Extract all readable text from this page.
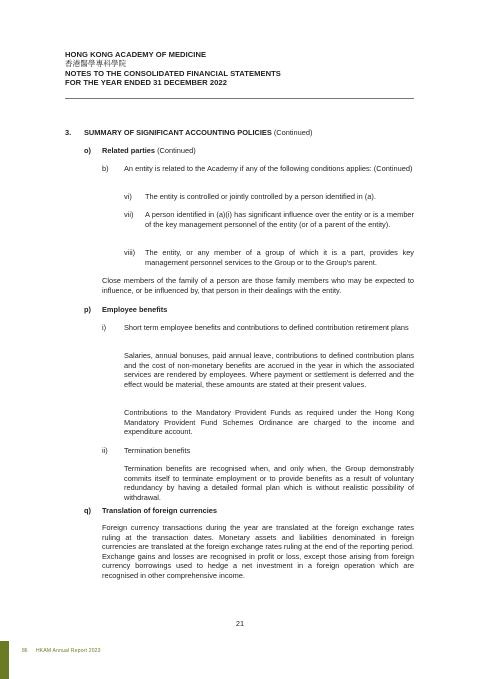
HONG KONG ACADEMY OF MEDICINE
香港醫學專科學院
NOTES TO THE CONSOLIDATED FINANCIAL STATEMENTS
FOR THE YEAR ENDED 31 DECEMBER 2022
3. SUMMARY OF SIGNIFICANT ACCOUNTING POLICIES (Continued)
o) Related parties (Continued)
b) An entity is related to the Academy if any of the following conditions applies: (Continued)
vi) The entity is controlled or jointly controlled by a person identified in (a).
vii) A person identified in (a)(i) has significant influence over the entity or is a member of the key management personnel of the entity (or of a parent of the entity).
viii) The entity, or any member of a group of which it is a part, provides key management personnel services to the Group or to the Group's parent.
Close members of the family of a person are those family members who may be expected to influence, or be influenced by, that person in their dealings with the entity.
p) Employee benefits
i) Short term employee benefits and contributions to defined contribution retirement plans
Salaries, annual bonuses, paid annual leave, contributions to defined contribution plans and the cost of non-monetary benefits are accrued in the year in which the associated services are rendered by employees. Where payment or settlement is deferred and the effect would be material, these amounts are stated at their present values.
Contributions to the Mandatory Provident Funds as required under the Hong Kong Mandatory Provident Fund Schemes Ordinance are charged to the income and expenditure account.
ii) Termination benefits
Termination benefits are recognised when, and only when, the Group demonstrably commits itself to terminate employment or to provide benefits as a result of voluntary redundancy by having a detailed formal plan which is without realistic possibility of withdrawal.
q) Translation of foreign currencies
Foreign currency transactions during the year are translated at the foreign exchange rates ruling at the transaction dates. Monetary assets and liabilities denominated in foreign currencies are translated at the foreign exchange rates ruling at the end of the reporting period. Exchange gains and losses are recognised in profit or loss, except those arising from foreign currency borrowings used to hedge a net investment in a foreign operation which are recognised in other comprehensive income.
21
86 HKAM Annual Report 2023
